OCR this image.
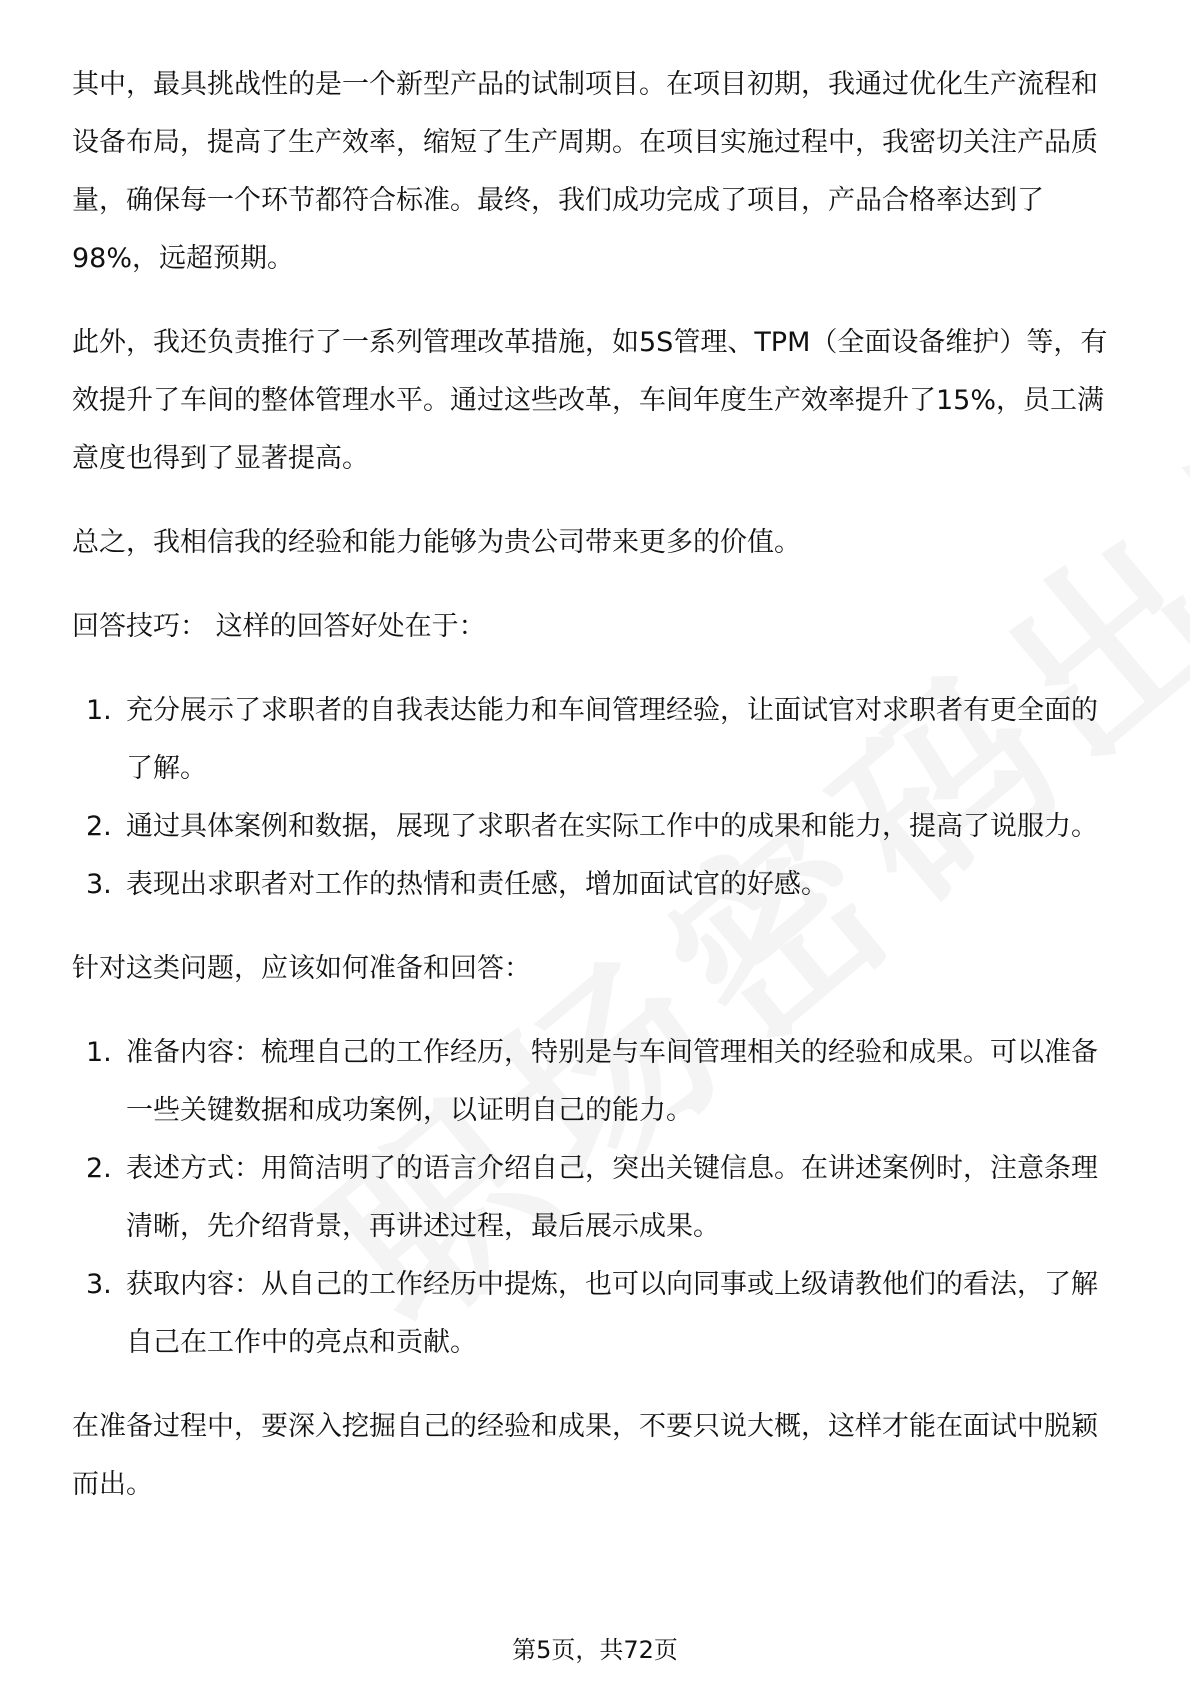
其中，最具挑战性的是一个新型产品的试制项目。在项目初期，我通过优化生产流程和设备布局，提高了生产效率，缩短了生产周期。在项目实施过程中，我密切关注产品质量，确保每一个环节都符合标准。最终，我们成功完成了项目，产品合格率达到了98%，远超预期。

此外，我还负责推行了一系列管理改革措施，如5S管理、TPM（全面设备维护）等，有效提升了车间的整体管理水平。通过这些改革，车间年度生产效率提升了15%，员工满意度也得到了显著提高。

总之，我相信我的经验和能力能够为贵公司带来更多的价值。

回答技巧： 这样的回答好处在于：

1. 充分展示了求职者的自我表达能力和车间管理经验，让面试官对求职者有更全面的了解。
2. 通过具体案例和数据，展现了求职者在实际工作中的成果和能力，提高了说服力。
3. 表现出求职者对工作的热情和责任感，增加面试官的好感。

针对这类问题，应该如何准备和回答：

1. 准备内容：梳理自己的工作经历，特别是与车间管理相关的经验和成果。可以准备一些关键数据和成功案例，以证明自己的能力。
2. 表述方式：用简洁明了的语言介绍自己，突出关键信息。在讲述案例时，注意条理清晰，先介绍背景，再讲述过程，最后展示成果。
3. 获取内容：从自己的工作经历中提炼，也可以向同事或上级请教他们的看法，了解自己在工作中的亮点和贡献。

在准备过程中，要深入挖掘自己的经验和成果，不要只说大概，这样才能在面试中脱颖而出。

第5页，共72页
